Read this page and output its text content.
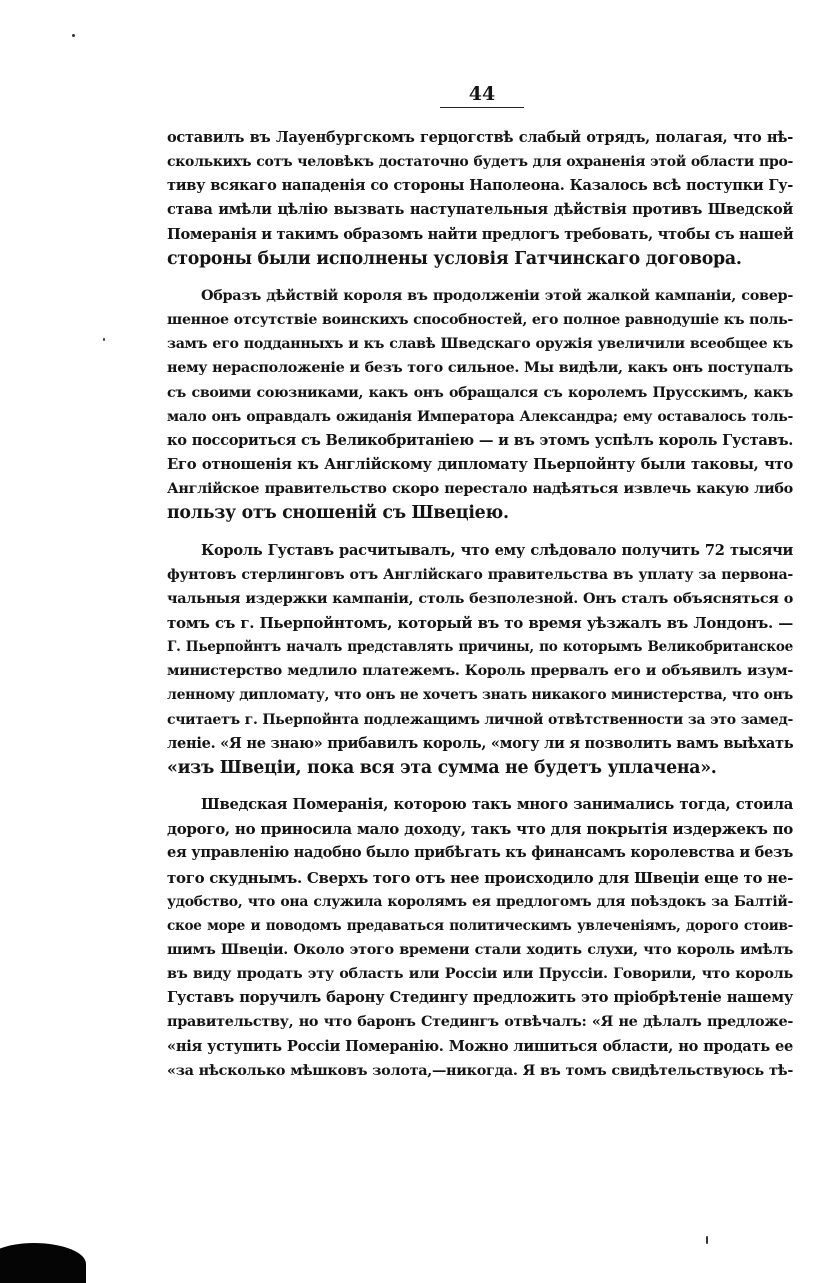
44

оставилъ въ Лауенбургскомъ герцогствѣ слабый отрядъ, полагая, что нѣ-
сколькихъ сотъ человѣкъ достаточно будетъ для охраненія этой области про-
тиву всякаго нападенія со стороны Наполеона. Казалось всѣ поступки Гу-
става имѣли цѣлію вызвать наступательныя дѣйствія противъ Шведской
Померанія и такимъ образомъ найти предлогъ требовать, чтобы съ нашей
стороны были исполнены условія Гатчинскаго договора.

Образъ дѣйствій короля въ продолженіи этой жалкой кампаніи, совер-
шенное отсутствіе воинскихъ способностей, его полное равнодушіе къ поль-
замъ его подданныхъ и къ славѣ Шведскаго оружія увеличили всеобщее къ
нему нерасположеніе и безъ того сильное. Мы видѣли, какъ онъ поступалъ
съ своими союзниками, какъ онъ обращался съ королемъ Прусскимъ, какъ
мало онъ оправдалъ ожиданія Императора Александра; ему оставалось толь-
ко поссориться съ Великобританіею — и въ этомъ успѣлъ король Густавъ.
Его отношенія къ Англійскому дипломату Пьерпойнту были таковы, что
Англійское правительство скоро перестало надѣяться извлечь какую либо
пользу отъ сношеній съ Швеціею.

Король Густавъ расчитывалъ, что ему слѣдовало получить 72 тысячи
фунтовъ стерлинговъ отъ Англійскаго правительства въ уплату за первона-
чальныя издержки кампаніи, столь безполезной. Онъ сталъ объясняться о
томъ съ г. Пьерпойнтомъ, который въ то время уѣзжалъ въ Лондонъ. —
Г. Пьерпойнтъ началъ представлять причины, по которымъ Великобританское
министерство медлило платежемъ. Король прервалъ его и объявилъ изум-
ленному дипломату, что онъ не хочетъ знать никакого министерства, что онъ
считаетъ г. Пьерпойнта подлежащимъ личной отвѣтственности за это замед-
леніе. «Я не знаю» прибавилъ король, «могу ли я позволить вамъ выѣхать
«изъ Швеціи, пока вся эта сумма не будетъ уплачена».

Шведская Померанія, которою такъ много занимались тогда, стоила
дорого, но приносила мало доходу, такъ что для покрытія издержекъ по
ея управленію надобно было прибѣгать къ финансамъ королевства и безъ
того скуднымъ. Сверхъ того отъ нее происходило для Швеціи еще то не-
удобство, что она служила королямъ ея предлогомъ для поѣздокъ за Балтій-
ское море и поводомъ предаваться политическимъ увлеченіямъ, дорого стоив-
шимъ Швеціи. Около этого времени стали ходить слухи, что король имѣлъ
въ виду продать эту область или Россіи или Пруссіи. Говорили, что король
Густавъ поручилъ барону Стедингу предложить это пріобрѣтеніе нашему
правительству, но что баронъ Стедингъ отвѣчалъ: «Я не дѣлалъ предложе-
«нія уступить Россіи Померанію. Можно лишиться области, но продать ее
«за нѣсколько мѣшковъ золота,—никогда. Я въ томъ свидѣтельствуюсь тѣ-
